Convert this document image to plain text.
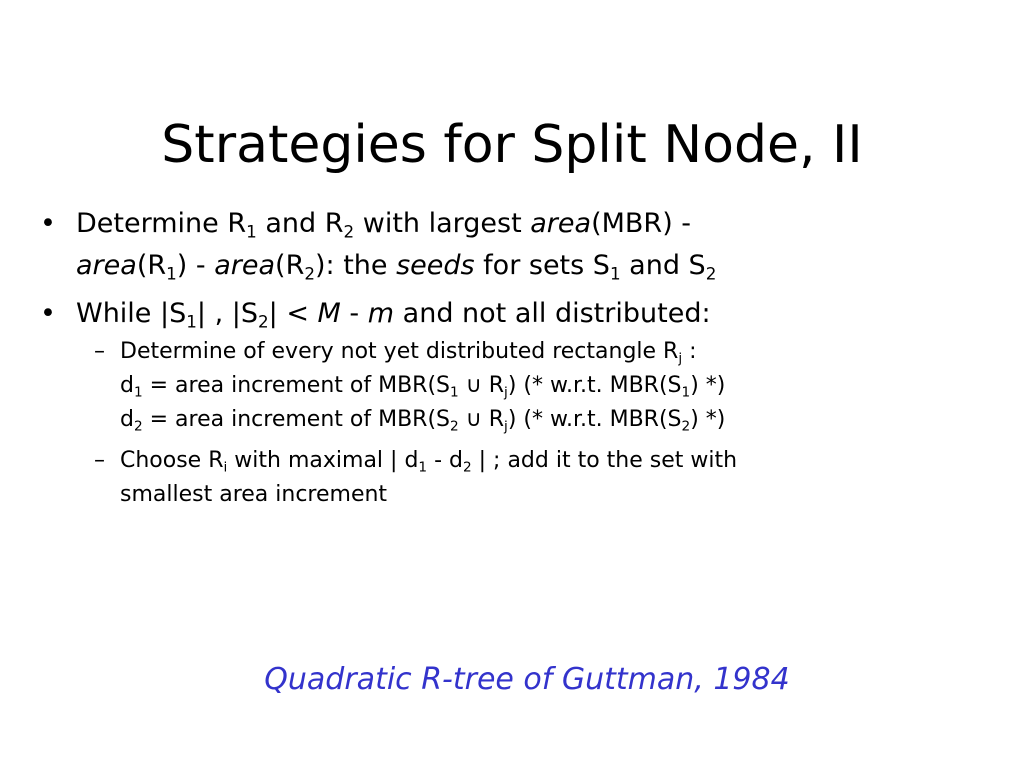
Strategies for Split Node, II
• Determine $R_1$ and $R_2$ with largest area(MBR) -
$area(R_1)$ - $area(R_2)$: the seeds for sets $S_1$ and $S_2$
• While $|S_1|$ , $|S_2| < M - m$ and not all distributed:
– Determine of every not yet distributed rectangle $R_j$ :
$d_1$ = area increment of $MBR(S_1$ ∪ $R_j$) (* w.r.t. $MBR(S_1)$ *)
$d_2$ = area increment of $MBR(S_2$ ∪ $R_j$) (* w.r.t. $MBR(S_2)$ *)
– Choose $R_i$ with maximal | $d_1 - d_2$ | ; add it to the set with
smallest area increment
Quadratic R-tree of Guttman, 1984
